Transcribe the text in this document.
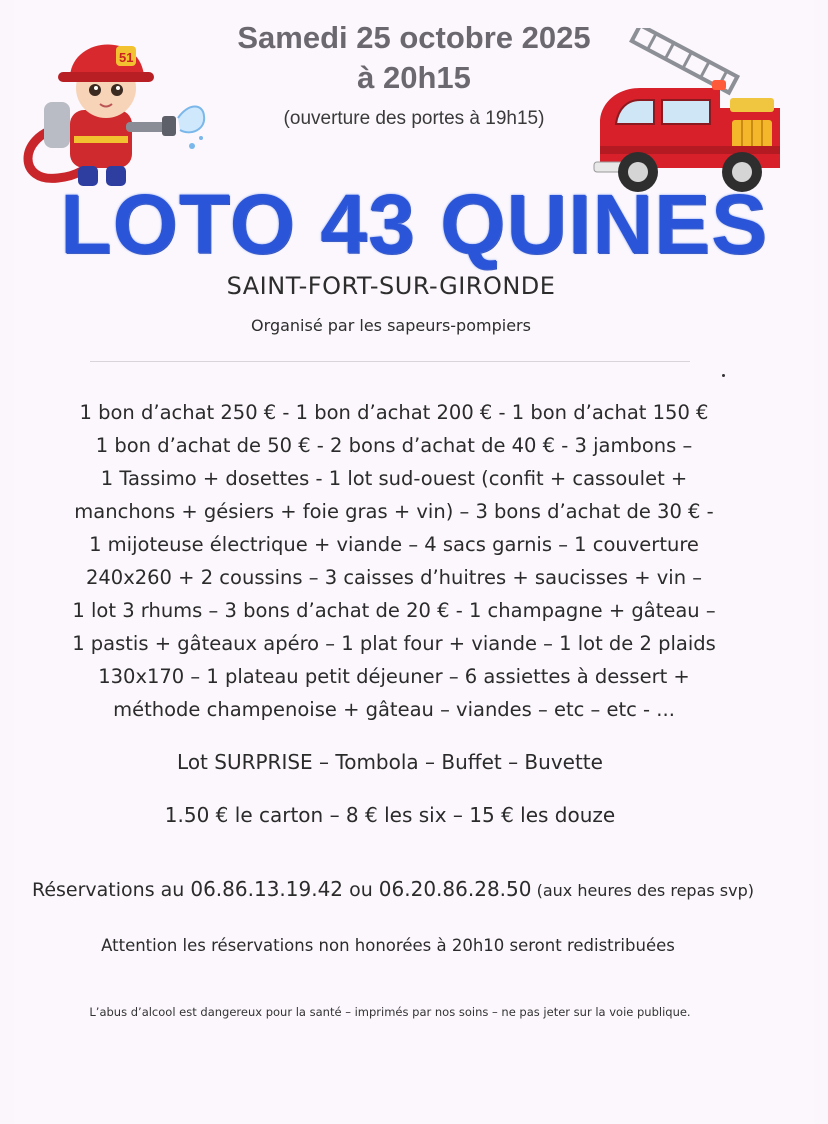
51
Samedi 25 octobre 2025
à 20h15
(ouverture des portes à 19h15)
LOTO 43 QUINES
SAINT-FORT-SUR-GIRONDE
Organisé par les sapeurs-pompiers
1 bon d’achat 250 € - 1 bon d’achat 200 € - 1 bon d’achat 150 €
1 bon d’achat de 50 € - 2 bons d’achat de 40 € - 3 jambons –
1 Tassimo + dosettes - 1 lot sud-ouest (confit + cassoulet +
manchons + gésiers + foie gras + vin) – 3 bons d’achat de 30 € -
1 mijoteuse électrique + viande – 4 sacs garnis – 1 couverture
240x260 + 2 coussins – 3 caisses d’huitres + saucisses + vin –
1 lot 3 rhums – 3 bons d’achat de 20 € - 1 champagne + gâteau –
1 pastis + gâteaux apéro – 1 plat four + viande – 1 lot de 2 plaids
130x170 – 1 plateau petit déjeuner – 6 assiettes à dessert +
méthode champenoise + gâteau – viandes – etc – etc - ...
Lot SURPRISE – Tombola – Buffet – Buvette
1.50 € le carton – 8 € les six – 15 € les douze
Réservations au 06.86.13.19.42 ou 06.20.86.28.50 (aux heures des repas svp)
Attention les réservations non honorées à 20h10 seront redistribuées
L’abus d’alcool est dangereux pour la santé – imprimés par nos soins – ne pas jeter sur la voie publique.
